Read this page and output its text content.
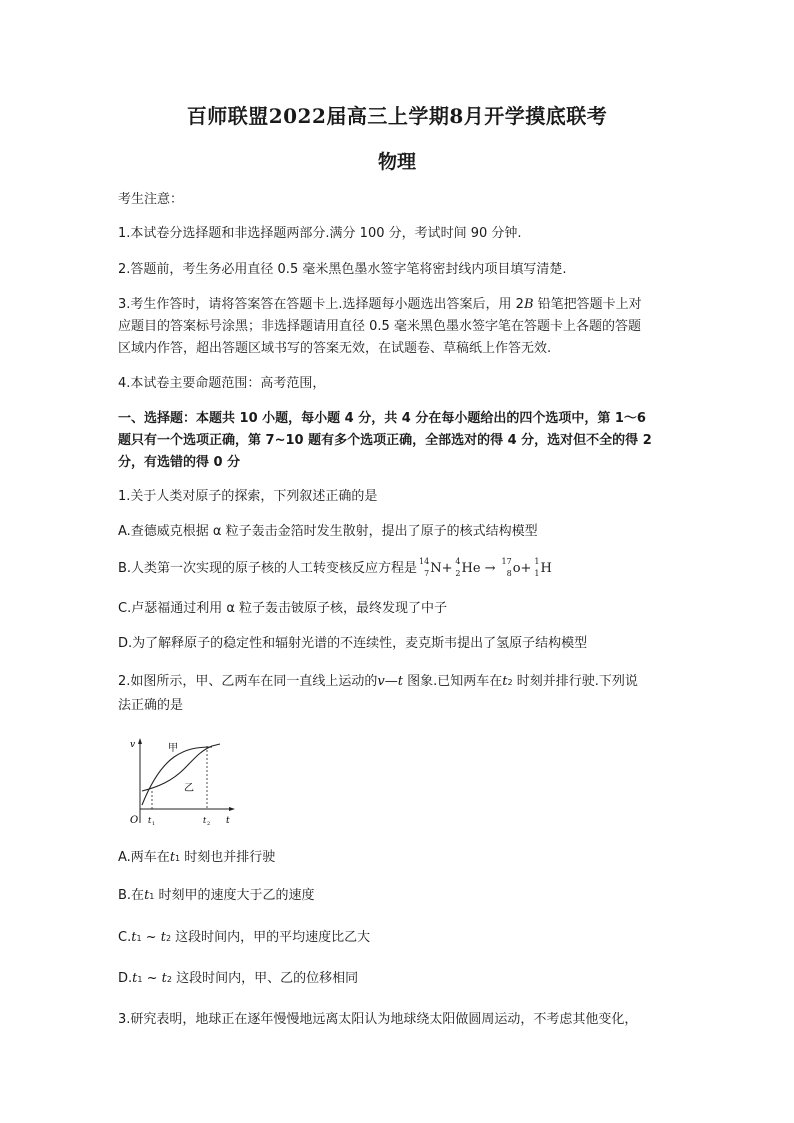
百师联盟2022届高三上学期8月开学摸底联考
物理
考生注意：
1.本试卷分选择题和非选择题两部分.满分 100 分，考试时间 90 分钟.
2.答题前，考生务必用直径 0.5 毫米黑色墨水签字笔将密封线内项目填写清楚.
3.考生作答时，请将答案答在答题卡上.选择题每小题选出答案后，用 2B 铅笔把答题卡上对
应题目的答案标号涂黑；非选择题请用直径 0.5 毫米黑色墨水签字笔在答题卡上各题的答题
区域内作答，超出答题区域书写的答案无效，在试题卷、草稿纸上作答无效.
4.本试卷主要命题范围：高考范围，
一、选择题：本题共 10 小题，每小题 4 分，共 4 分在每小题给出的四个选项中，第 1～6
题只有一个选项正确，第 7~10 题有多个选项正确，全部选对的得 4 分，选对但不全的得 2
分，有选错的得 0 分
1.关于人类对原子的探索，下列叙述正确的是
A.查德威克根据 α 粒子轰击金箔时发生散射，提出了原子的核式结构模型
B.人类第一次实现的原子核的人工转变核反应方程是 14
7 N+ 4
2 He → 17
8 o+ 1
1 H
C.卢瑟福通过利用 α 粒子轰击铍原子核，最终发现了中子
D.为了解释原子的稳定性和辐射光谱的不连续性，麦克斯韦提出了氢原子结构模型
2.如图所示，甲、乙两车在同一直线上运动的v—t 图象.已知两车在t2 时刻并排行驶.下列说
法正确的是
v
t
O t 1	t 2
甲
乙
A.两车在t1 时刻也并排行驶
B.在t1 时刻甲的速度大于乙的速度
C.t1 ~ t2 这段时间内，甲的平均速度比乙大
D.t1 ~ t2 这段时间内，甲、乙的位移相同
3.研究表明，地球正在逐年慢慢地远离太阳认为地球绕太阳做圆周运动，不考虑其他变化，
